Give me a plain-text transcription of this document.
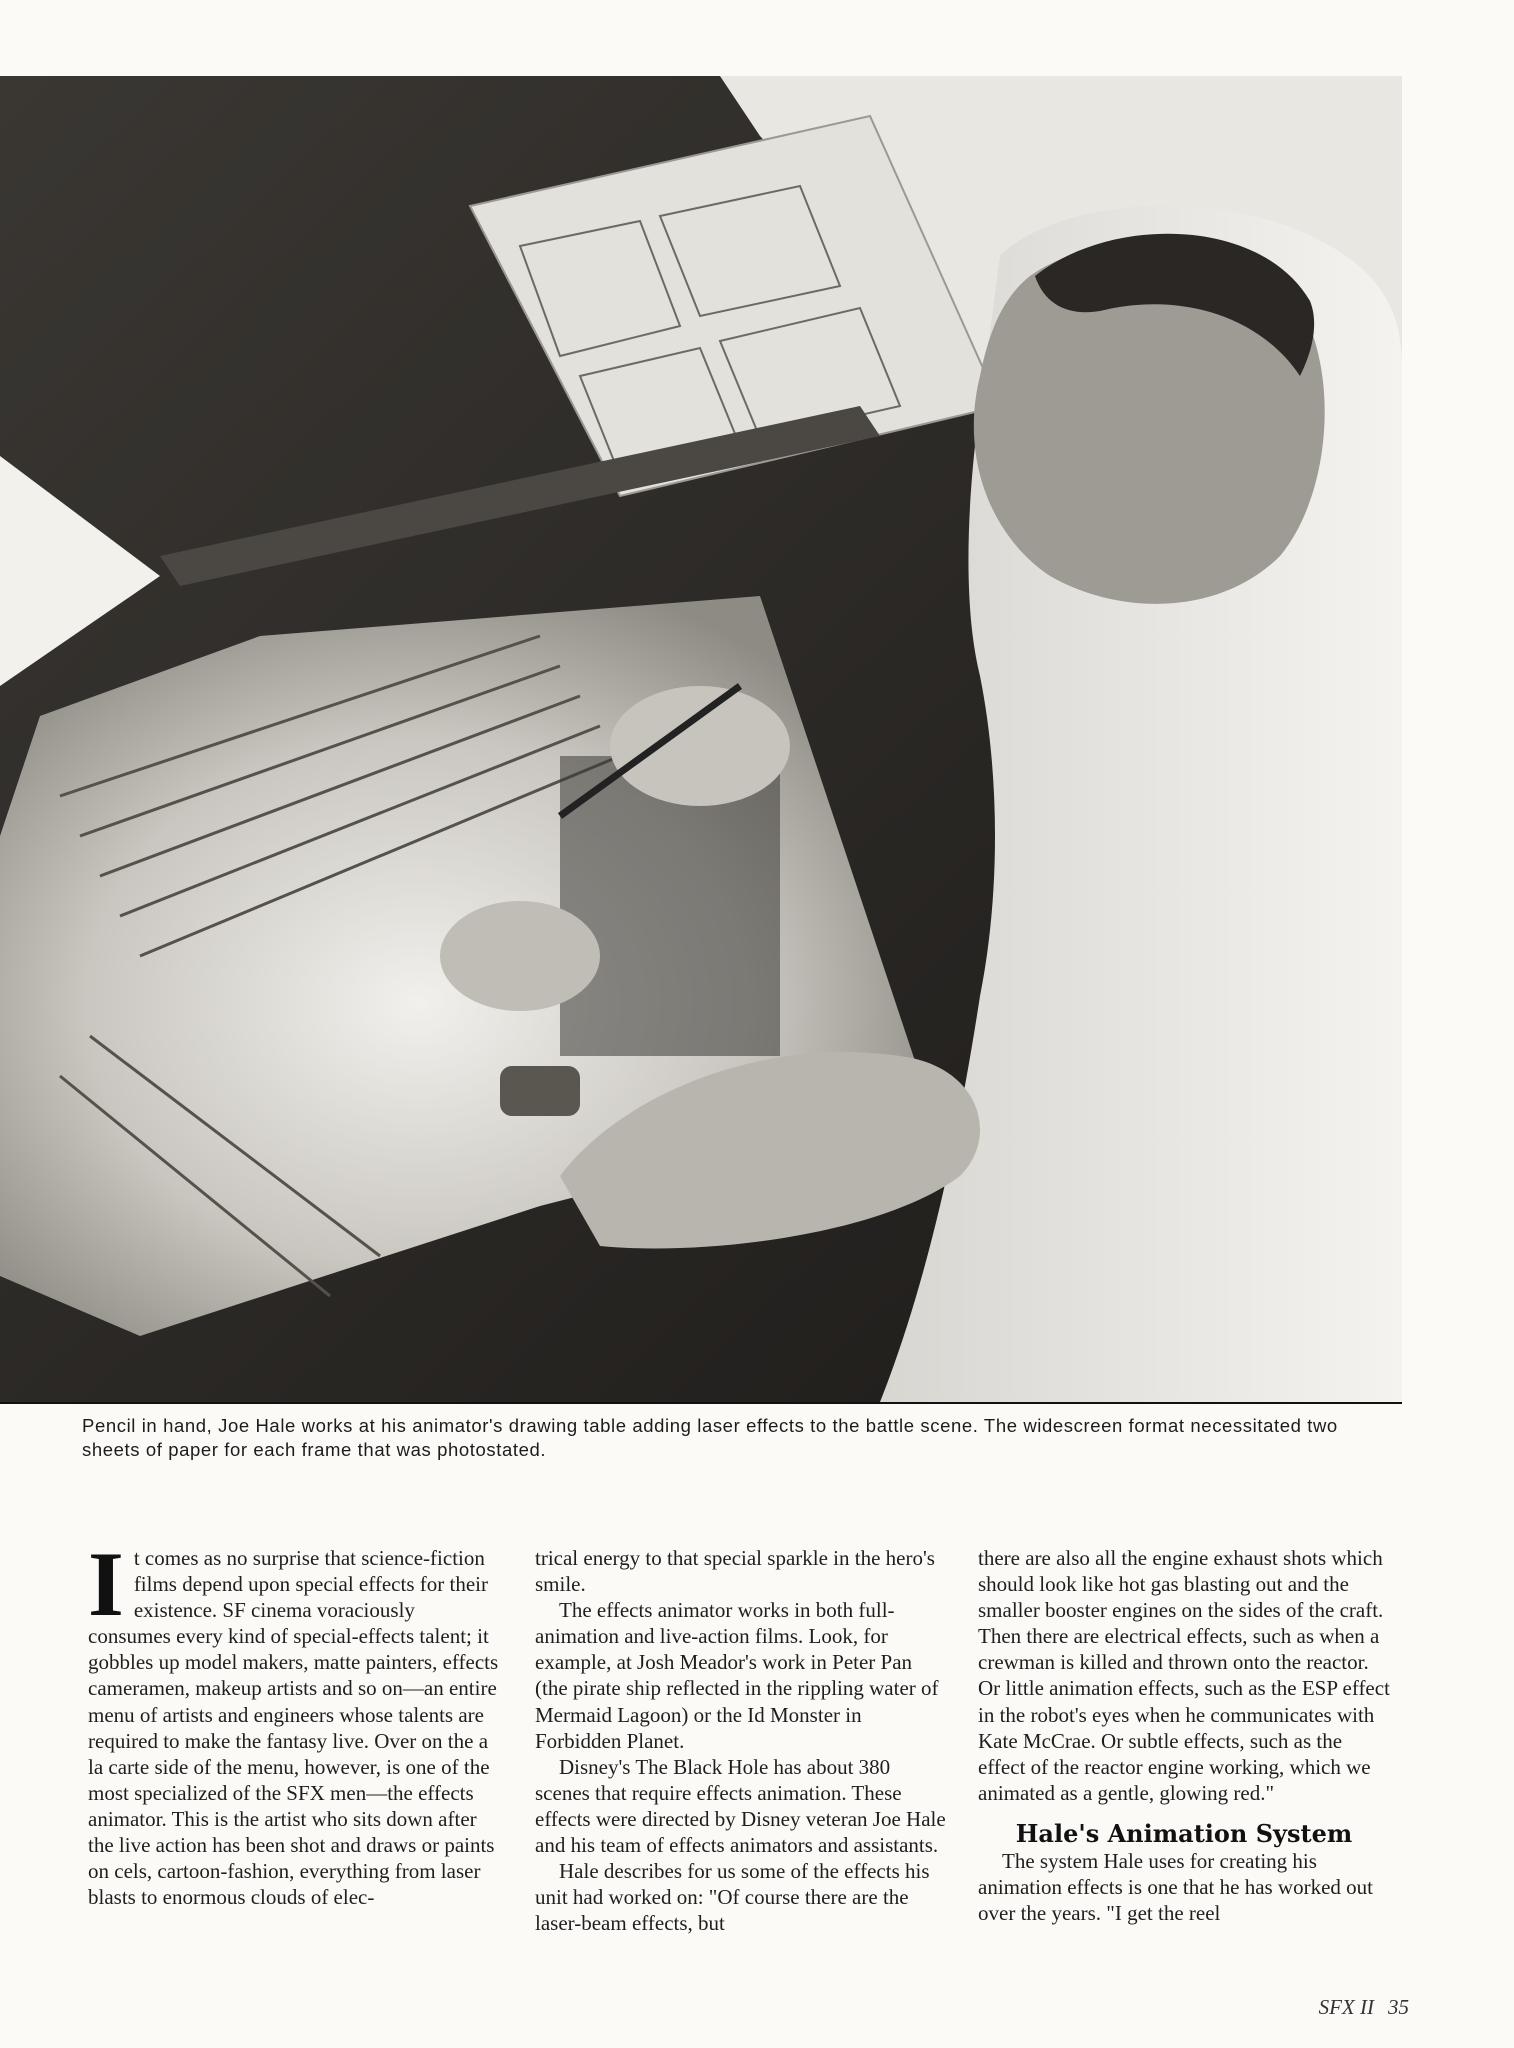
Pencil in hand, Joe Hale works at his animator's drawing table adding laser effects to the battle scene. The widescreen format necessitated two sheets of paper for each frame that was photostated.

I t comes as no surprise that science-fiction films depend upon special effects for their existence. SF cinema voraciously consumes every kind of special-effects talent; it gobbles up model makers, matte painters, effects cameramen, makeup artists and so on—an entire menu of artists and engineers whose talents are required to make the fantasy live. Over on the a la carte side of the menu, however, is one of the most specialized of the SFX men—the effects animator. This is the artist who sits down after the live action has been shot and draws or paints on cels, cartoon-fashion, everything from laser blasts to enormous clouds of elec-

trical energy to that special sparkle in the hero's smile.

The effects animator works in both full-animation and live-action films. Look, for example, at Josh Meador's work in Peter Pan (the pirate ship reflected in the rippling water of Mermaid Lagoon) or the Id Monster in Forbidden Planet.

Disney's The Black Hole has about 380 scenes that require effects animation. These effects were directed by Disney veteran Joe Hale and his team of effects animators and assistants.

Hale describes for us some of the effects his unit had worked on: "Of course there are the laser-beam effects, but

there are also all the engine exhaust shots which should look like hot gas blasting out and the smaller booster engines on the sides of the craft. Then there are electrical effects, such as when a crewman is killed and thrown onto the reactor. Or little animation effects, such as the ESP effect in the robot's eyes when he communicates with Kate McCrae. Or subtle effects, such as the effect of the reactor engine working, which we animated as a gentle, glowing red."

Hale's Animation System

The system Hale uses for creating his animation effects is one that he has worked out over the years. "I get the reel

SFX II 35
